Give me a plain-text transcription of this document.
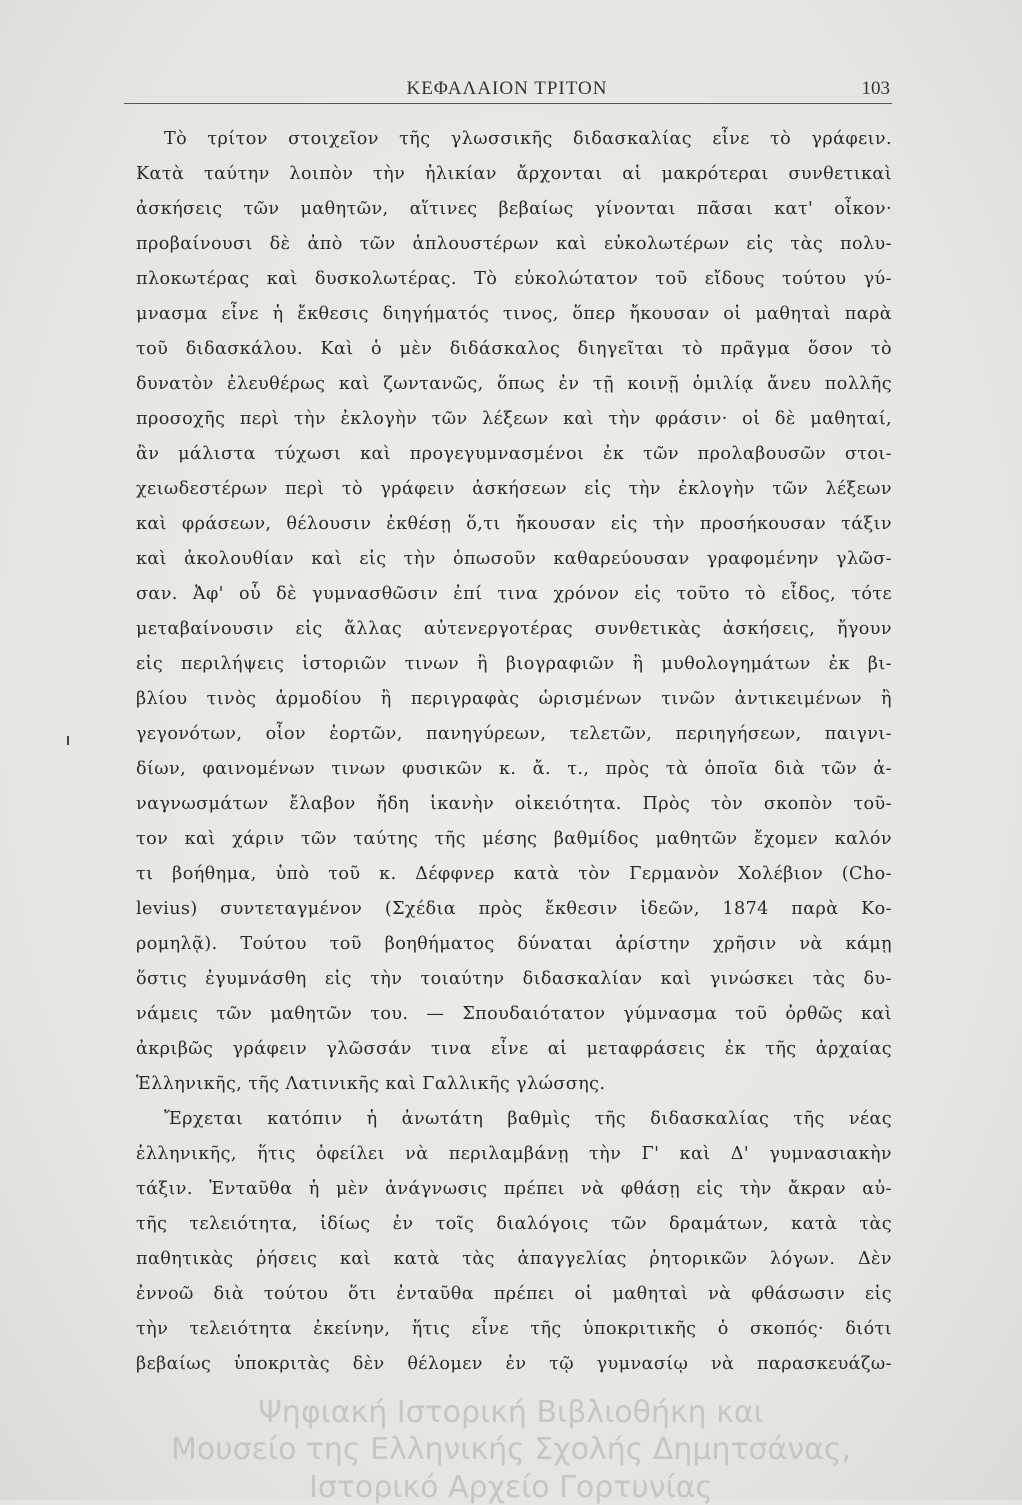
ΚΕΦΑΛΑΙΟΝ ΤΡΙΤΟΝ	103
Τὸ τρίτον στοιχεῖον τῆς γλωσσικῆς διδασκαλίας εἶνε τὸ γράφειν.
Κατὰ ταύτην λοιπὸν τὴν ἡλικίαν ἄρχονται αἱ μακρότεραι συνθετικαὶ
ἀσκήσεις τῶν μαθητῶν, αἵτινες βεβαίως γίνονται πᾶσαι κατ' οἶκον·
προβαίνουσι δὲ ἀπὸ τῶν ἁπλουστέρων καὶ εὐκολωτέρων εἰς τὰς πολυ-
πλοκωτέρας καὶ δυσκολωτέρας. Τὸ εὐκολώτατον τοῦ εἴδους τούτου γύ-
μνασμα εἶνε ἡ ἔκθεσις διηγήματός τινος, ὅπερ ἤκουσαν οἱ μαθηταὶ παρὰ
τοῦ διδασκάλου. Καὶ ὁ μὲν διδάσκαλος διηγεῖται τὸ πρᾶγμα ὅσον τὸ
δυνατὸν ἐλευθέρως καὶ ζωντανῶς, ὅπως ἐν τῇ κοινῇ ὁμιλίᾳ ἄνευ πολλῆς
προσοχῆς περὶ τὴν ἐκλογὴν τῶν λέξεων καὶ τὴν φράσιν· οἱ δὲ μαθηταί,
ἂν μάλιστα τύχωσι καὶ προγεγυμνασμένοι ἐκ τῶν προλαβουσῶν στοι-
χειωδεστέρων περὶ τὸ γράφειν ἀσκήσεων εἰς τὴν ἐκλογὴν τῶν λέξεων
καὶ φράσεων, θέλουσιν ἐκθέσῃ ὅ,τι ἤκουσαν εἰς τὴν προσήκουσαν τάξιν
καὶ ἀκολουθίαν καὶ εἰς τὴν ὁπωσοῦν καθαρεύουσαν γραφομένην γλῶσ-
σαν. Ἀφ' οὗ δὲ γυμνασθῶσιν ἐπί τινα χρόνον εἰς τοῦτο τὸ εἶδος, τότε
μεταβαίνουσιν εἰς ἄλλας αὐτενεργοτέρας συνθετικὰς ἀσκήσεις, ἤγουν
εἰς περιλήψεις ἱστοριῶν τινων ἢ βιογραφιῶν ἢ μυθολογημάτων ἐκ βι-
βλίου τινὸς ἁρμοδίου ἢ περιγραφὰς ὡρισμένων τινῶν ἀντικειμένων ἢ
γεγονότων, οἷον ἑορτῶν, πανηγύρεων, τελετῶν, περιηγήσεων, παιγνι-
δίων, φαινομένων τινων φυσικῶν κ. ἄ. τ., πρὸς τὰ ὁποῖα διὰ τῶν ἀ-
ναγνωσμάτων ἔλαβον ἤδη ἱκανὴν οἰκειότητα. Πρὸς τὸν σκοπὸν τοῦ-
τον καὶ χάριν τῶν ταύτης τῆς μέσης βαθμίδος μαθητῶν ἔχομεν καλόν
τι βοήθημα, ὑπὸ τοῦ κ. Δέφφνερ κατὰ τὸν Γερμανὸν Χολέβιον (Cho-
levius) συντεταγμένον (Σχέδια πρὸς ἔκθεσιν ἰδεῶν, 1874 παρὰ Κο-
ρομηλᾷ). Τούτου τοῦ βοηθήματος δύναται ἀρίστην χρῆσιν νὰ κάμῃ
ὅστις ἐγυμνάσθη εἰς τὴν τοιαύτην διδασκαλίαν καὶ γινώσκει τὰς δυ-
νάμεις τῶν μαθητῶν του. — Σπουδαιότατον γύμνασμα τοῦ ὀρθῶς καὶ
ἀκριβῶς γράφειν γλῶσσάν τινα εἶνε αἱ μεταφράσεις ἐκ τῆς ἀρχαίας
Ἑλληνικῆς, τῆς Λατινικῆς καὶ Γαλλικῆς γλώσσης.
Ἔρχεται κατόπιν ἡ ἀνωτάτη βαθμὶς τῆς διδασκαλίας τῆς νέας
ἑλληνικῆς, ἥτις ὀφείλει νὰ περιλαμβάνῃ τὴν Γ' καὶ Δ' γυμνασιακὴν
τάξιν. Ἐνταῦθα ἡ μὲν ἀνάγνωσις πρέπει νὰ φθάσῃ εἰς τὴν ἄκραν αὐ-
τῆς τελειότητα, ἰδίως ἐν τοῖς διαλόγοις τῶν δραμάτων, κατὰ τὰς
παθητικὰς ῥήσεις καὶ κατὰ τὰς ἀπαγγελίας ῥητορικῶν λόγων. Δὲν
ἐννοῶ διὰ τούτου ὅτι ἐνταῦθα πρέπει οἱ μαθηταὶ νὰ φθάσωσιν εἰς
τὴν τελειότητα ἐκείνην, ἥτις εἶνε τῆς ὑποκριτικῆς ὁ σκοπός· διότι
βεβαίως ὑποκριτὰς δὲν θέλομεν ἐν τῷ γυμνασίῳ νὰ παρασκευάζω-
Ψηφιακή Ιστορική Βιβλιοθήκη και
Μουσείο της Ελληνικής Σχολής Δημητσάνας,
Ιστορικό Αρχείο Γορτυνίας
